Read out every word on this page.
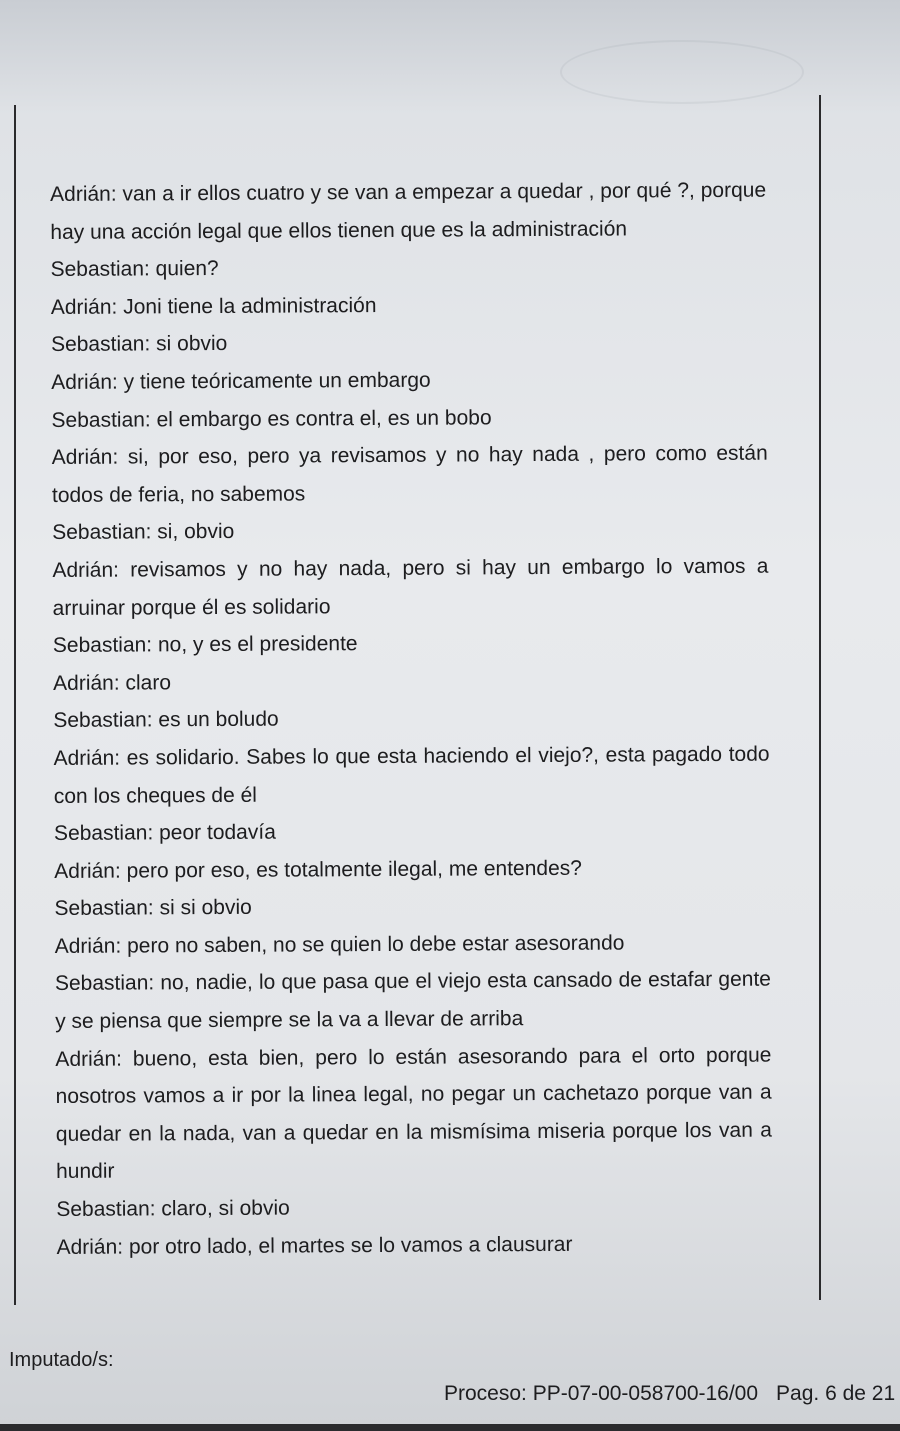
Adrián: van a ir ellos cuatro y se van a empezar a quedar , por qué ?, porque hay una acción legal que ellos tienen que es la administración

Sebastian: quien?

Adrián: Joni tiene la administración

Sebastian: si obvio

Adrián: y tiene teóricamente un embargo

Sebastian: el embargo es contra el, es un bobo

Adrián: si, por eso, pero ya revisamos y no hay nada , pero como están todos de feria, no sabemos

Sebastian: si, obvio

Adrián: revisamos y no hay nada, pero si hay un embargo lo vamos a arruinar porque él es solidario

Sebastian: no, y es el presidente

Adrián: claro

Sebastian: es un boludo

Adrián: es solidario. Sabes lo que esta haciendo el viejo?, esta pagado todo con los cheques de él

Sebastian: peor todavía

Adrián: pero por eso, es totalmente ilegal, me entendes?

Sebastian: si si obvio

Adrián: pero no saben, no se quien lo debe estar asesorando

Sebastian: no, nadie, lo que pasa que el viejo esta cansado de estafar gente y se piensa que siempre se la va a llevar de arriba

Adrián: bueno, esta bien, pero lo están asesorando para el orto porque nosotros vamos a ir por la linea legal, no pegar un cachetazo porque van a quedar en la nada, van a quedar en la mismísima miseria porque los van a hundir

Sebastian: claro, si obvio

Adrián: por otro lado, el martes se lo vamos a clausurar

Imputado/s:
Proceso: PP-07-00-058700-16/00 Pag. 6 de 21
